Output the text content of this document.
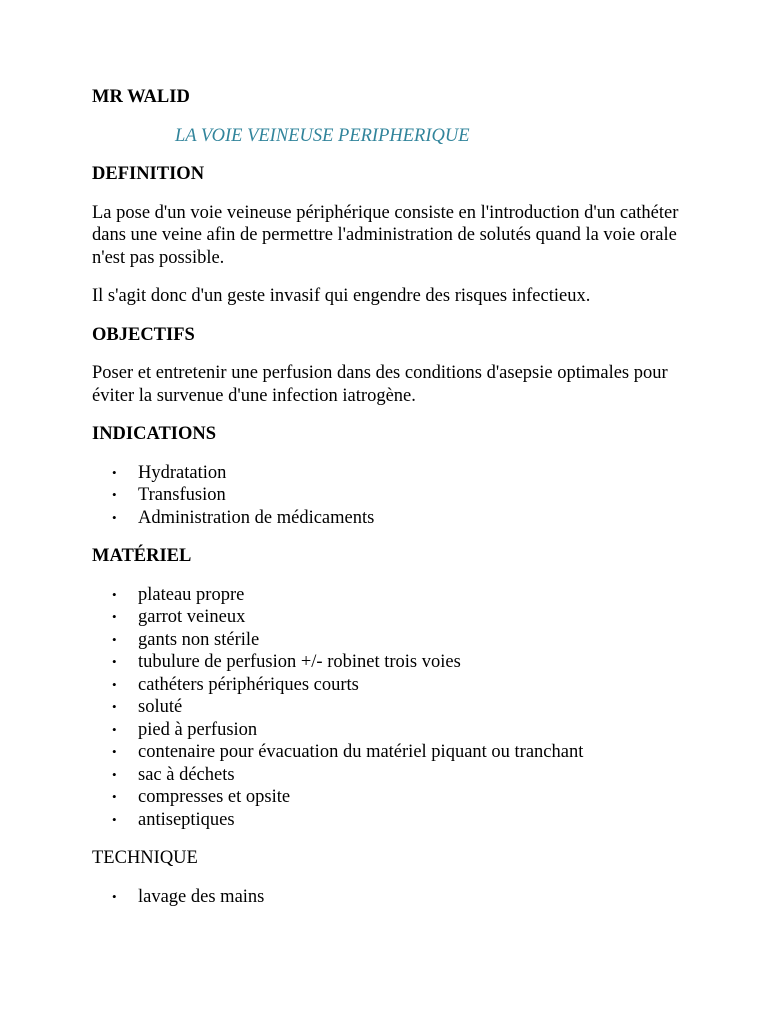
MR WALID

LA VOIE VEINEUSE PERIPHERIQUE

DEFINITION

La pose d'un voie veineuse périphérique consiste en l'introduction d'un cathéter dans une veine afin de permettre l'administration de solutés quand la voie orale n'est pas possible.

Il s'agit donc d'un geste invasif qui engendre des risques infectieux.

OBJECTIFS

Poser et entretenir une perfusion dans des conditions d'asepsie optimales pour éviter la survenue d'une infection iatrogène.

INDICATIONS

• Hydratation
• Transfusion
• Administration de médicaments

MATÉRIEL

• plateau propre
• garrot veineux
• gants non stérile
• tubulure de perfusion +/- robinet trois voies
• cathéters périphériques courts
• soluté
• pied à perfusion
• contenaire pour évacuation du matériel piquant ou tranchant
• sac à déchets
• compresses et opsite
• antiseptiques

TECHNIQUE

• lavage des mains
